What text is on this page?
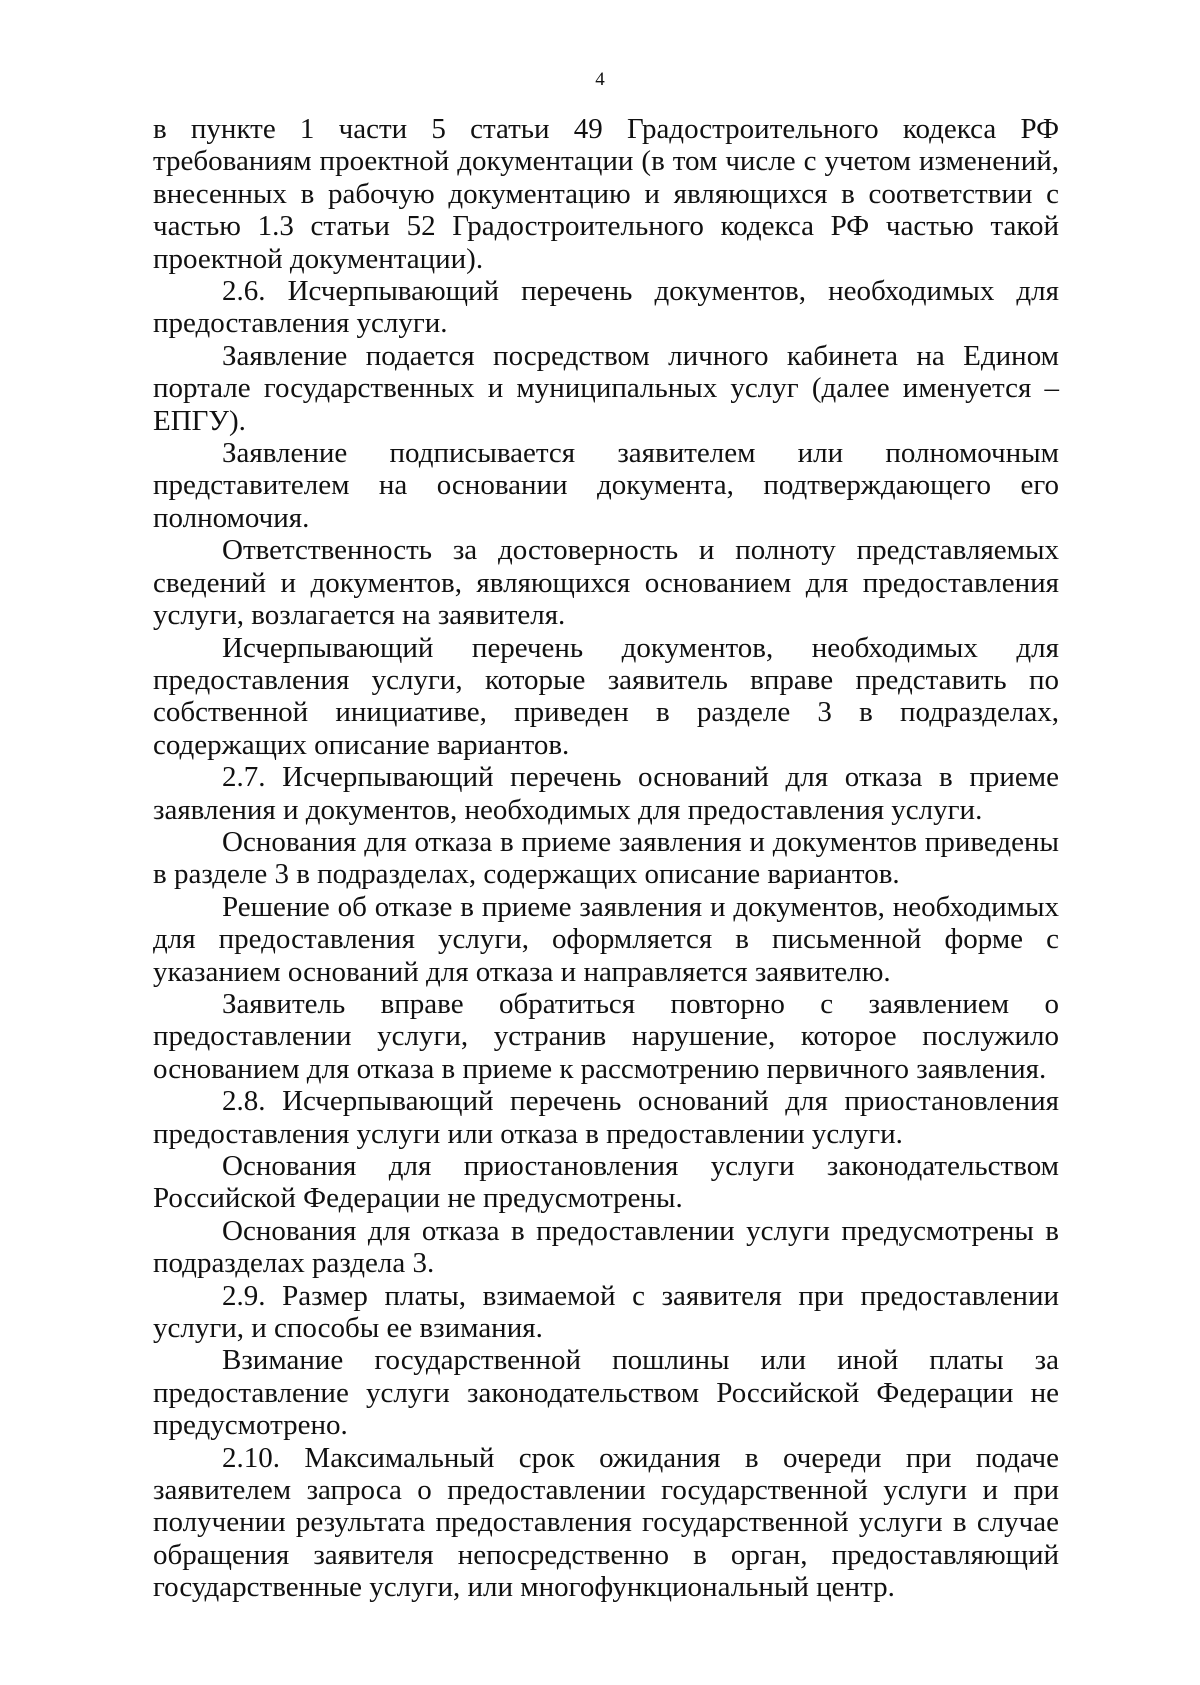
4

в пункте 1 части 5 статьи 49 Градостроительного кодекса РФ требованиям проектной документации (в том числе с учетом изменений, внесенных в рабочую документацию и являющихся в соответствии с частью 1.3 статьи 52 Градостроительного кодекса РФ частью такой проектной документации).

2.6. Исчерпывающий перечень документов, необходимых для предоставления услуги.

Заявление подается посредством личного кабинета на Едином портале государственных и муниципальных услуг (далее именуется – ЕПГУ).

Заявление подписывается заявителем или полномочным представителем на основании документа, подтверждающего его полномочия.

Ответственность за достоверность и полноту представляемых сведений и документов, являющихся основанием для предоставления услуги, возлагается на заявителя.

Исчерпывающий перечень документов, необходимых для предоставления услуги, которые заявитель вправе представить по собственной инициативе, приведен в разделе 3 в подразделах, содержащих описание вариантов.

2.7. Исчерпывающий перечень оснований для отказа в приеме заявления и документов, необходимых для предоставления услуги.

Основания для отказа в приеме заявления и документов приведены в разделе 3 в подразделах, содержащих описание вариантов.

Решение об отказе в приеме заявления и документов, необходимых для предоставления услуги, оформляется в письменной форме с указанием оснований для отказа и направляется заявителю.

Заявитель вправе обратиться повторно с заявлением о предоставлении услуги, устранив нарушение, которое послужило основанием для отказа в приеме к рассмотрению первичного заявления.

2.8. Исчерпывающий перечень оснований для приостановления предоставления услуги или отказа в предоставлении услуги.

Основания для приостановления услуги законодательством Российской Федерации не предусмотрены.

Основания для отказа в предоставлении услуги предусмотрены в подразделах раздела 3.

2.9. Размер платы, взимаемой с заявителя при предоставлении услуги, и способы ее взимания.

Взимание государственной пошлины или иной платы за предоставление услуги законодательством Российской Федерации не предусмотрено.

2.10. Максимальный срок ожидания в очереди при подаче заявителем запроса о предоставлении государственной услуги и при получении результата предоставления государственной услуги в случае обращения заявителя непосредственно в орган, предоставляющий государственные услуги, или многофункциональный центр.
